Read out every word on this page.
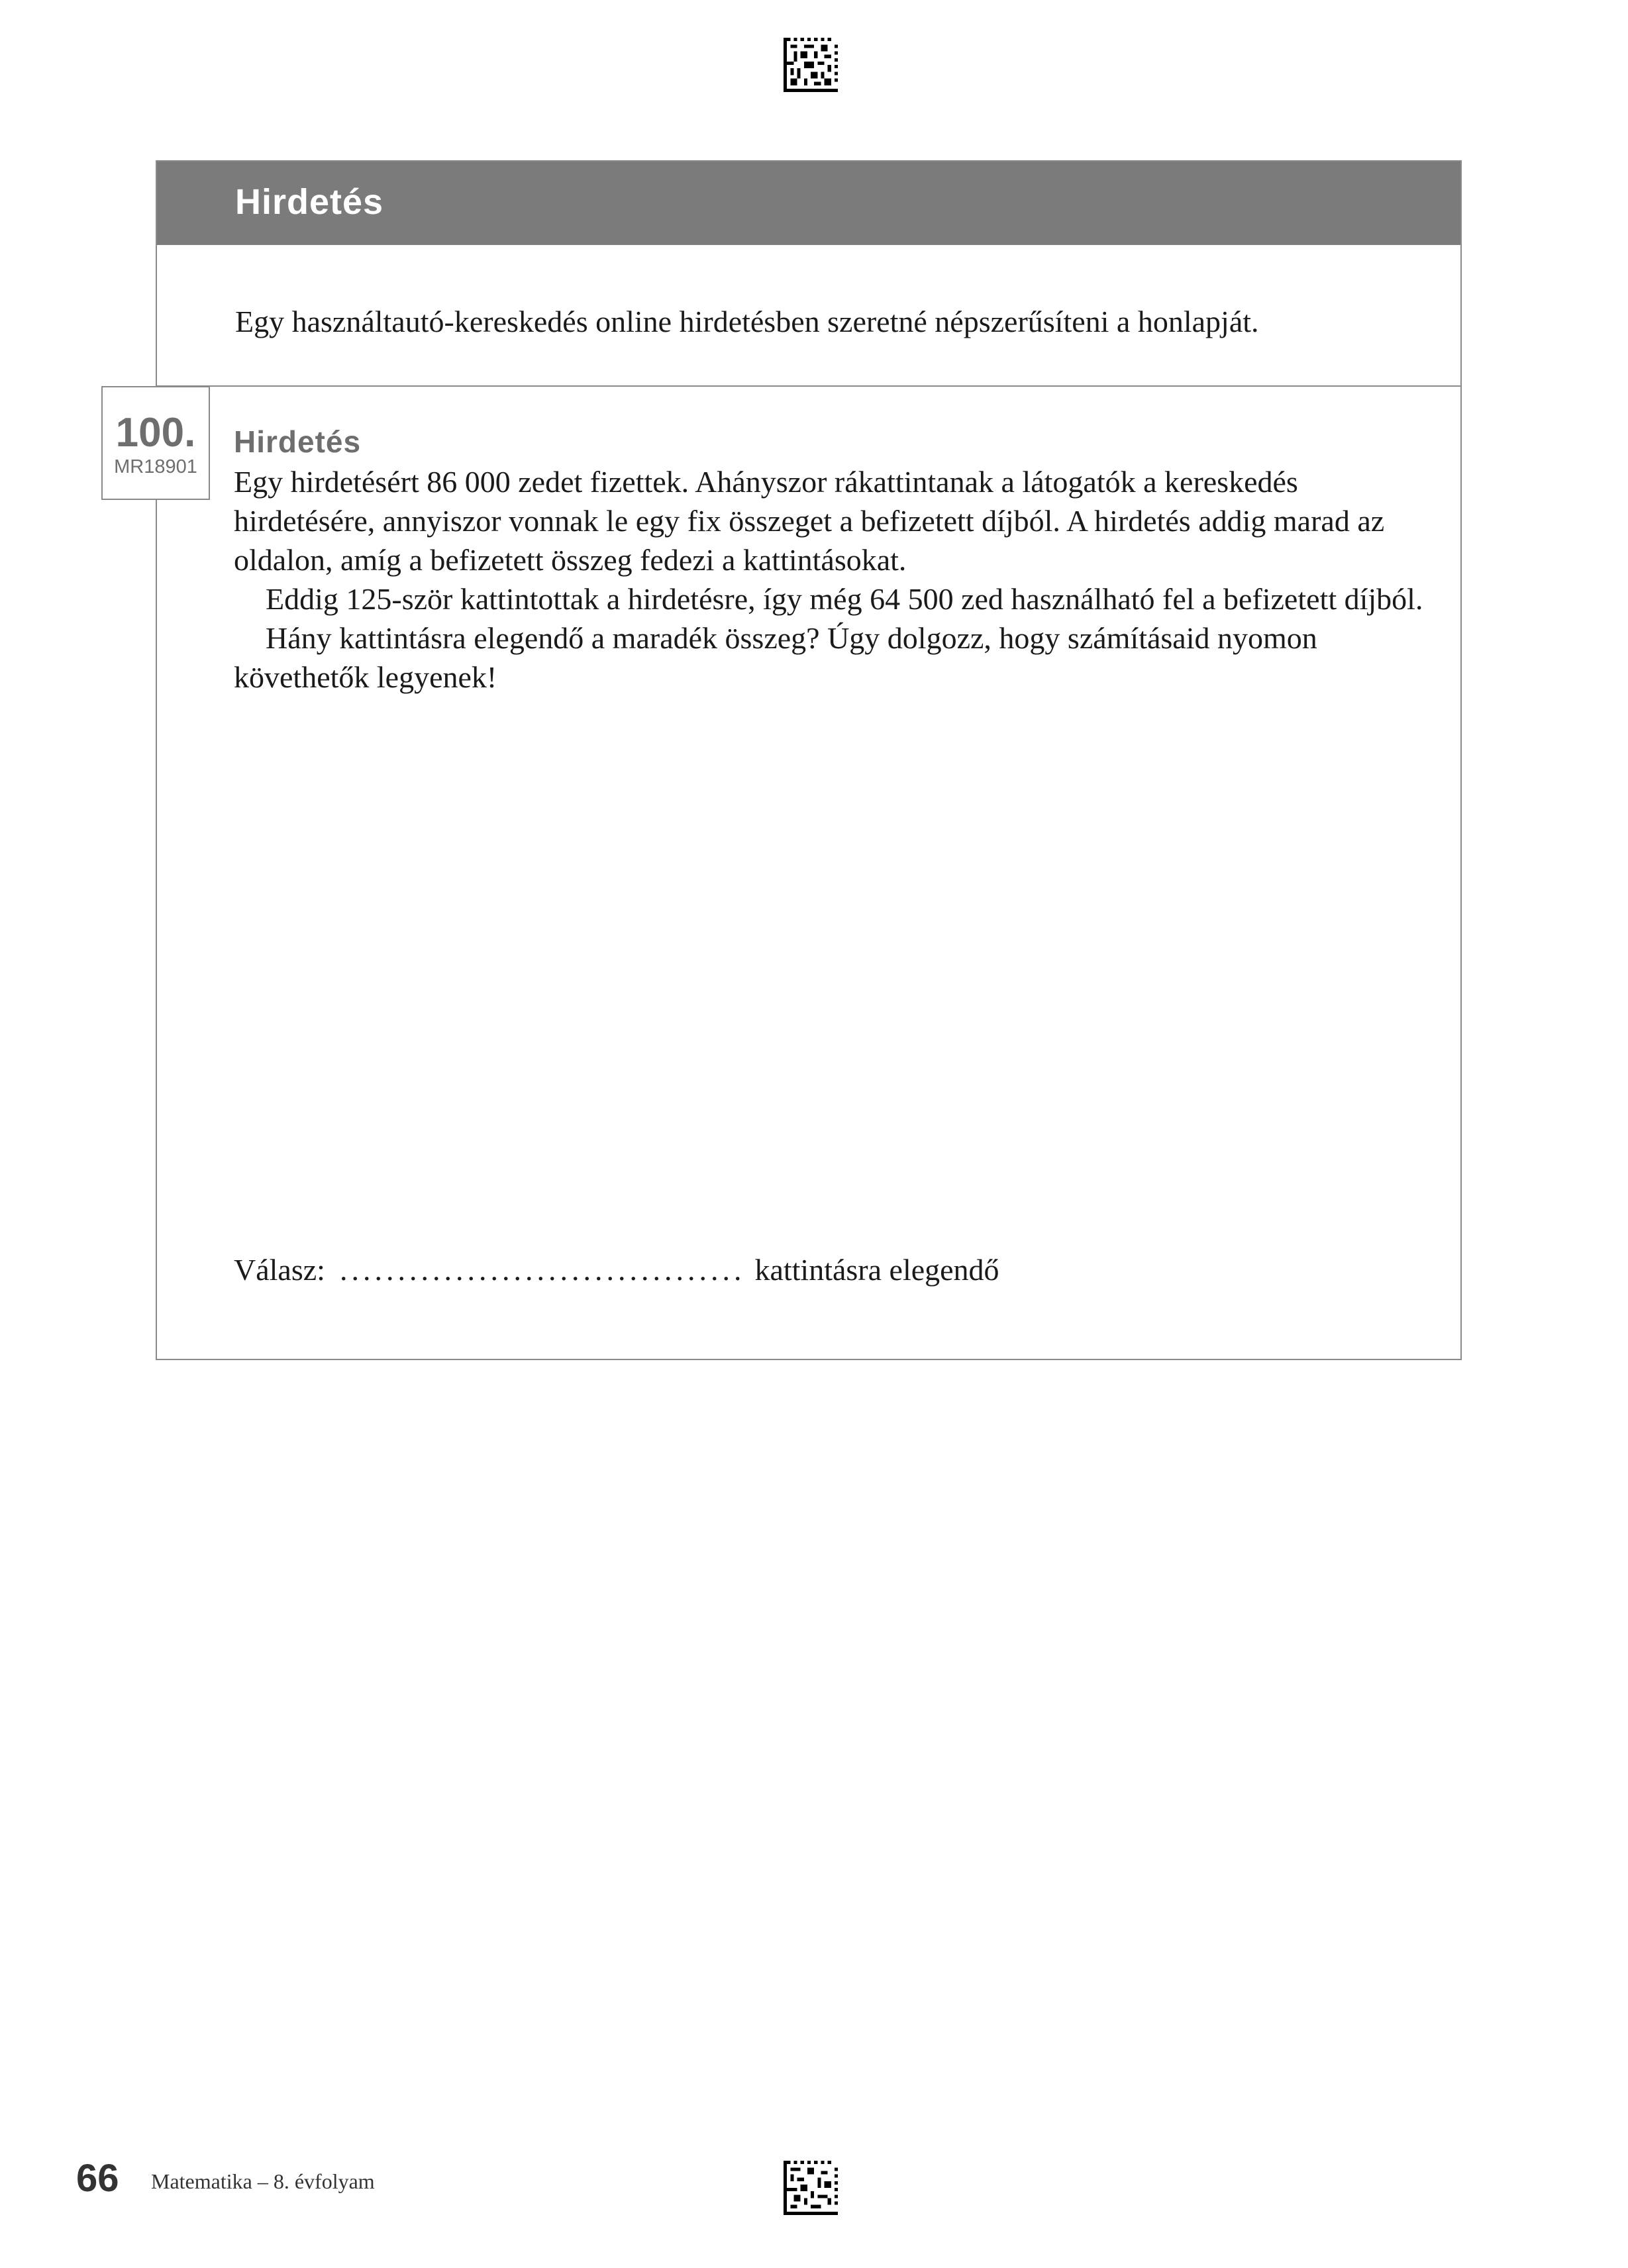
Hirdetés
Egy használtautó-kereskedés online hirdetésben szeretné népszerűsíteni a honlapját.
100.
MR18901
Hirdetés

Egy hirdetésért 86 000 zedet fizettek. Ahányszor rákattintanak a látogatók a kereskedés hirdetésére, annyiszor vonnak le egy fix összeget a befizetett díjból. A hirdetés addig marad az oldalon, amíg a befizetett összeg fedezi a kattintásokat.

Eddig 125-ször kattintottak a hirdetésre, így még 64 500 zed használható fel a befizetett díjból.

Hány kattintásra elegendő a maradék összeg? Úgy dolgozz, hogy számításaid nyomon követhetők legyenek!

Válasz: ................................... kattintásra elegendő
66 Matematika – 8. évfolyam
